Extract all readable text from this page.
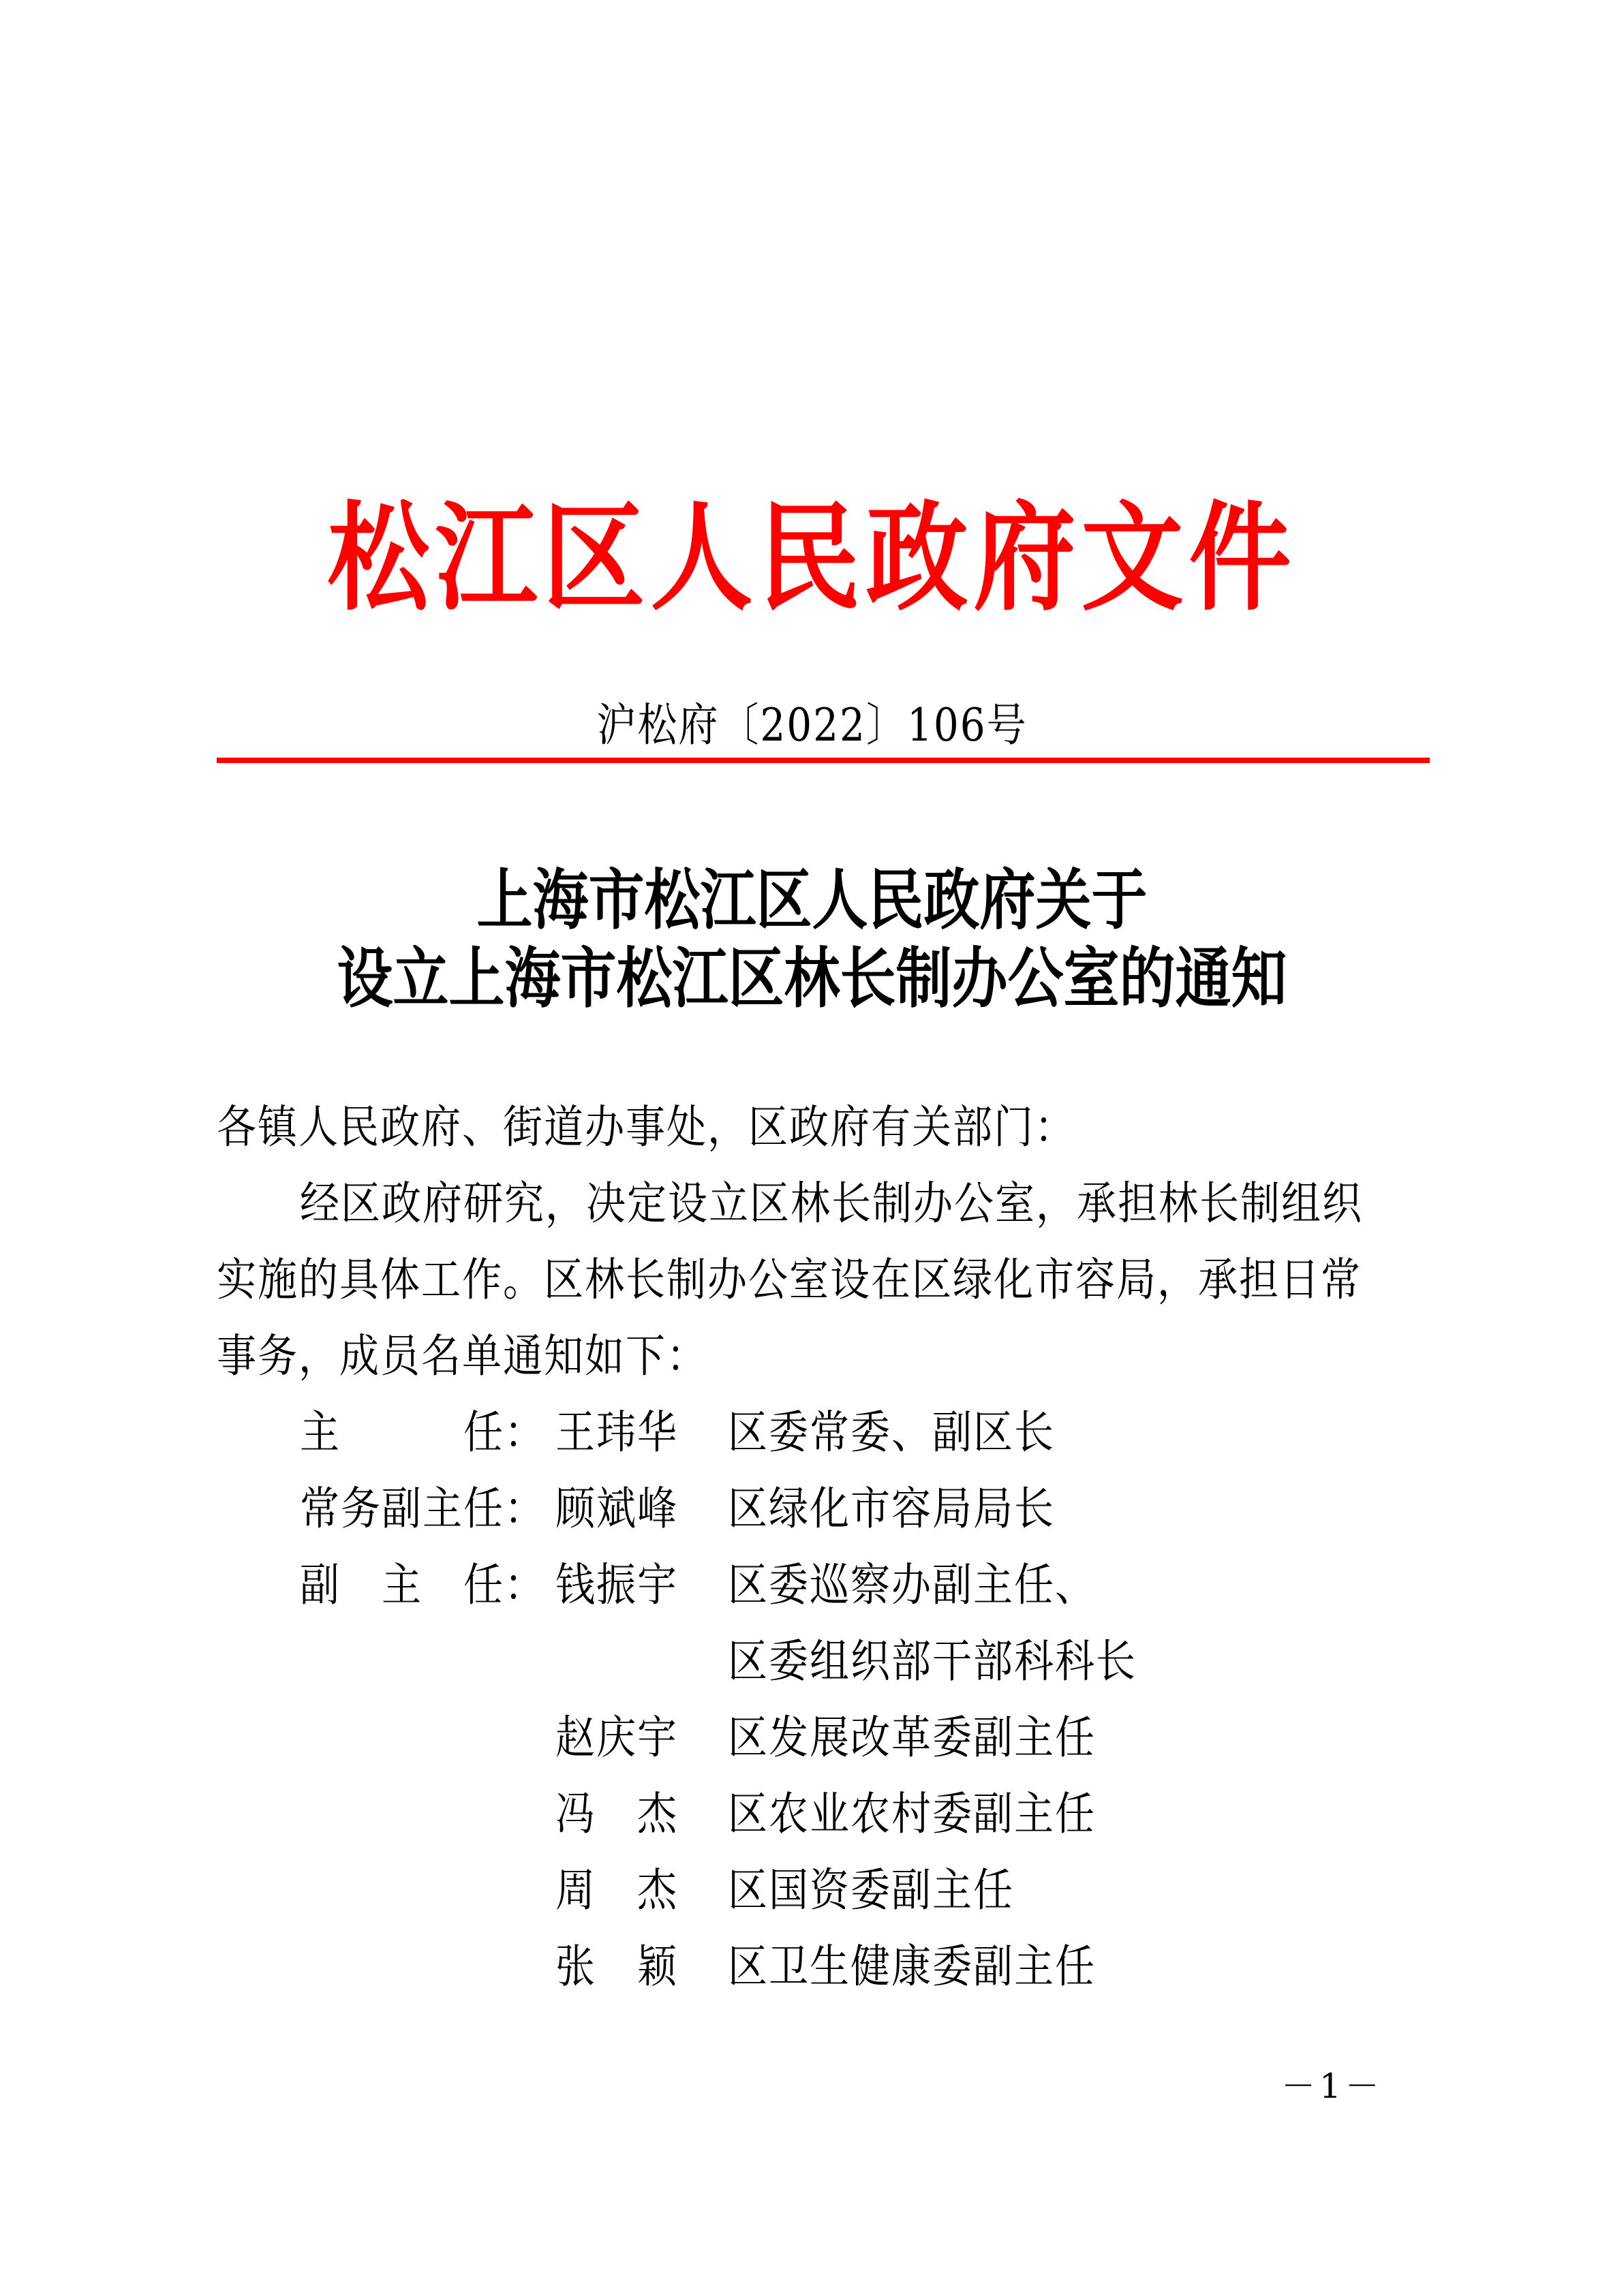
松江区人民政府文件
沪松府〔2022〕106号
上海市松江区人民政府关于
设立上海市松江区林长制办公室的通知
各镇人民政府、街道办事处，区政府有关部门：
经区政府研究，决定设立区林长制办公室，承担林长制组织
实施的具体工作。区林长制办公室设在区绿化市容局，承担日常
事务，成员名单通知如下：
主　　　任： 王玮华 区委常委、副区长
常务副主任： 顾斌峰 区绿化市容局局长
副　主　任： 钱振宇 区委巡察办副主任、
区委组织部干部科科长
赵庆宇 区发展改革委副主任
冯　杰 区农业农村委副主任
周　杰 区国资委副主任
张　颖 区卫生健康委副主任
－1－
